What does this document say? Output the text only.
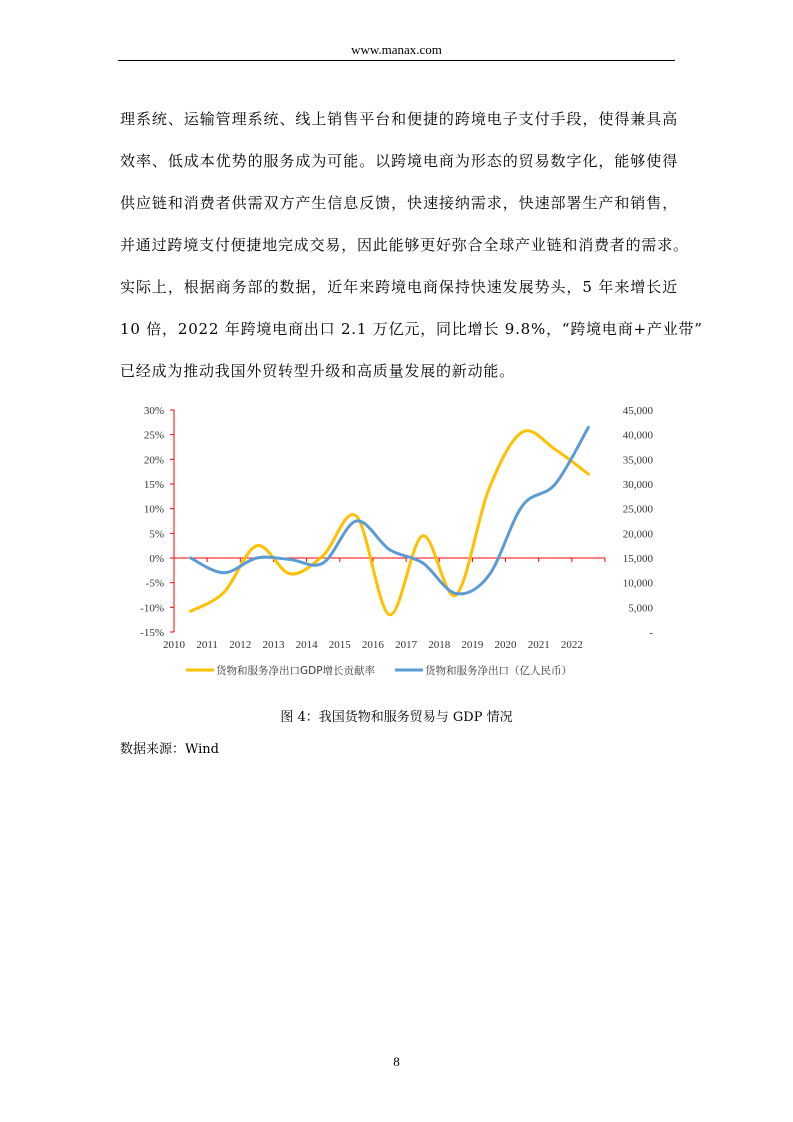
www.manax.com
理系统、运输管理系统、线上销售平台和便捷的跨境电子支付手段，使得兼具高
效率、低成本优势的服务成为可能。以跨境电商为形态的贸易数字化，能够使得
供应链和消费者供需双方产生信息反馈，快速接纳需求，快速部署生产和销售，
并通过跨境支付便捷地完成交易，因此能够更好弥合全球产业链和消费者的需求。
实际上，根据商务部的数据，近年来跨境电商保持快速发展势头，5 年来增长近
10 倍，2022 年跨境电商出口 2.1 万亿元，同比增长 9.8%，“跨境电商+产业带”
已经成为推动我国外贸转型升级和高质量发展的新动能。
30%
25%
20%
15%
10%
5%
0%
-5%
-10%
-15%
45,000
40,000
35,000
30,000
25,000
20,000
15,000
10,000
5,000
-
2010 2011 2012 2013 2014 2015 2016 2017 2018 2019 2020 2021 2022
货物和服务净出口GDP增长贡献率	货物和服务净出口（亿人民币）
图 4：我国货物和服务贸易与 GDP 情况
数据来源：Wind
8
